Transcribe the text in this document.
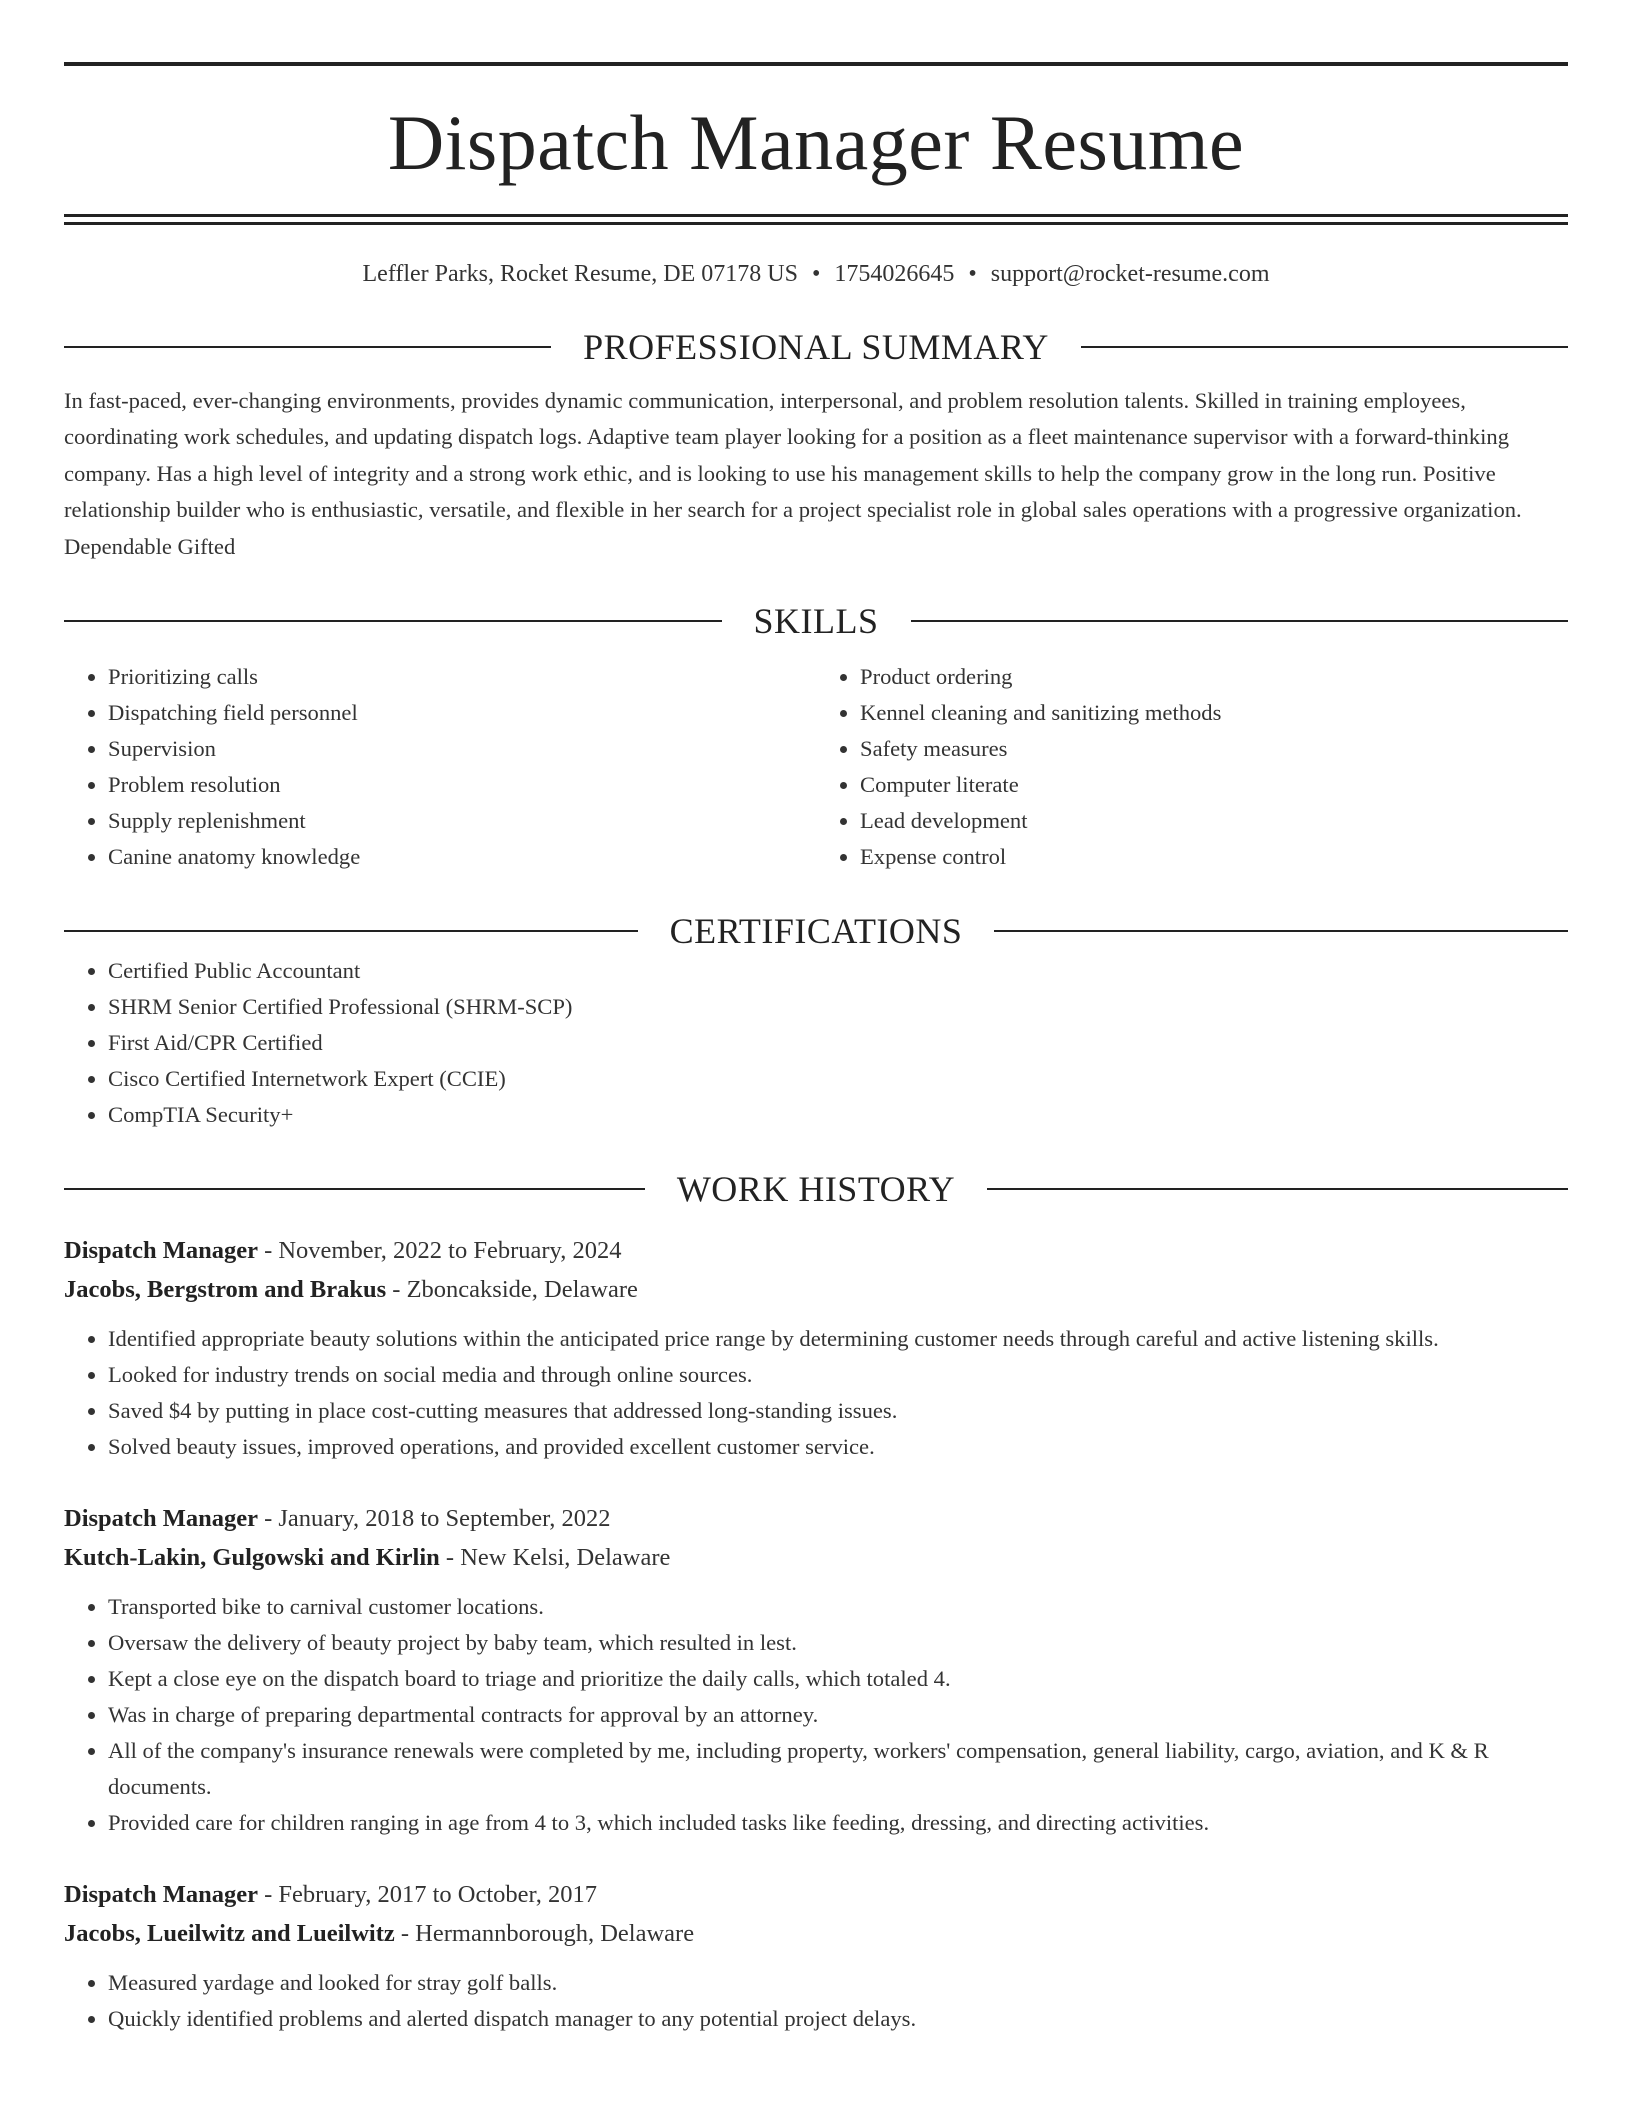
Dispatch Manager Resume
Leffler Parks, Rocket Resume, DE 07178 US • 1754026645 • support@rocket-resume.com
PROFESSIONAL SUMMARY

In fast-paced, ever-changing environments, provides dynamic communication, interpersonal, and problem resolution talents. Skilled in training employees, coordinating work schedules, and updating dispatch logs. Adaptive team player looking for a position as a fleet maintenance supervisor with a forward-thinking company. Has a high level of integrity and a strong work ethic, and is looking to use his management skills to help the company grow in the long run. Positive relationship builder who is enthusiastic, versatile, and flexible in her search for a project specialist role in global sales operations with a progressive organization. Dependable Gifted

SKILLS
• Prioritizing calls
• Dispatching field personnel
• Supervision
• Problem resolution
• Supply replenishment
• Canine anatomy knowledge
• Product ordering
• Kennel cleaning and sanitizing methods
• Safety measures
• Computer literate
• Lead development
• Expense control
CERTIFICATIONS
• Certified Public Accountant
• SHRM Senior Certified Professional (SHRM-SCP)
• First Aid/CPR Certified
• Cisco Certified Internetwork Expert (CCIE)
• CompTIA Security+
WORK HISTORY
Dispatch Manager - November, 2022 to February, 2024
Jacobs, Bergstrom and Brakus - Zboncakside, Delaware
• Identified appropriate beauty solutions within the anticipated price range by determining customer needs through careful and active listening skills.
• Looked for industry trends on social media and through online sources.
• Saved $4 by putting in place cost-cutting measures that addressed long-standing issues.
• Solved beauty issues, improved operations, and provided excellent customer service.
Dispatch Manager - January, 2018 to September, 2022
Kutch-Lakin, Gulgowski and Kirlin - New Kelsi, Delaware
• Transported bike to carnival customer locations.
• Oversaw the delivery of beauty project by baby team, which resulted in lest.
• Kept a close eye on the dispatch board to triage and prioritize the daily calls, which totaled 4.
• Was in charge of preparing departmental contracts for approval by an attorney.
• All of the company's insurance renewals were completed by me, including property, workers' compensation, general liability, cargo, aviation, and K & R documents.
• Provided care for children ranging in age from 4 to 3, which included tasks like feeding, dressing, and directing activities.
Dispatch Manager - February, 2017 to October, 2017
Jacobs, Lueilwitz and Lueilwitz - Hermannborough, Delaware
• Measured yardage and looked for stray golf balls.
• Quickly identified problems and alerted dispatch manager to any potential project delays.
